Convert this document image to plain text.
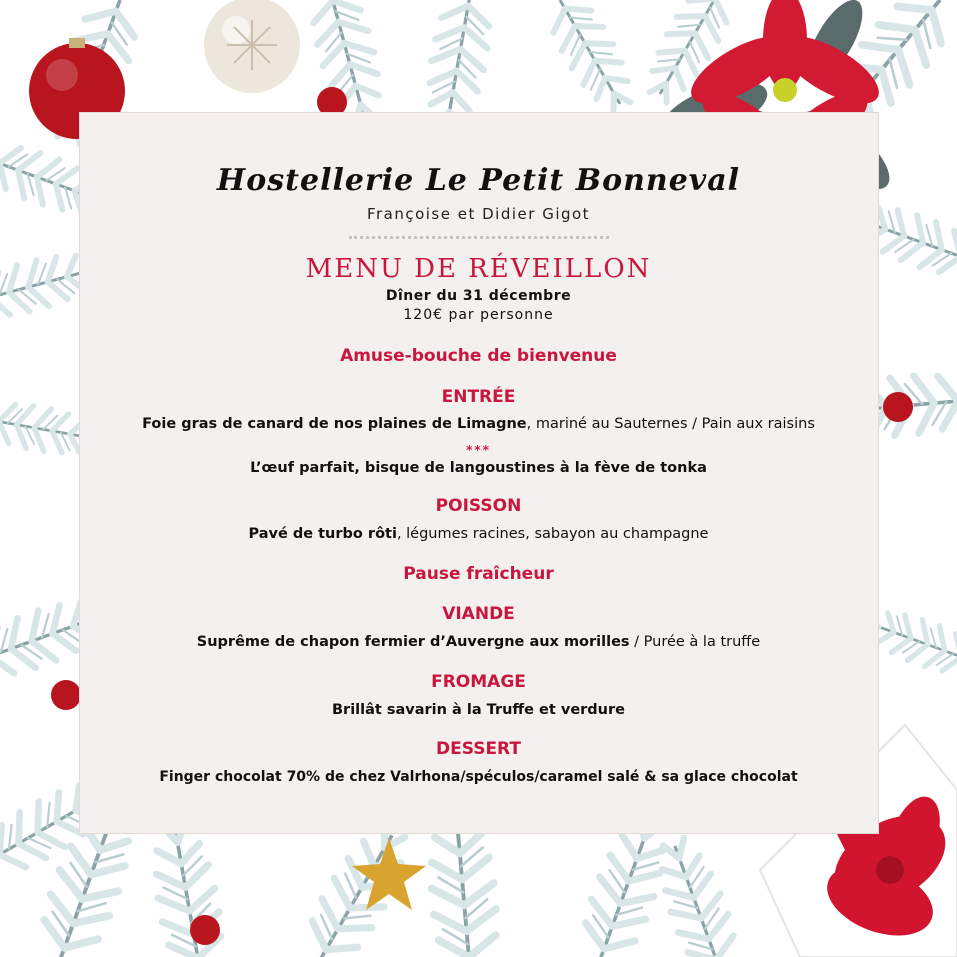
Hostellerie Le Petit Bonneval
Françoise et Didier Gigot
MENU DE RÉVEILLON
Dîner du 31 décembre
120€ par personne
Amuse-bouche de bienvenue
ENTRÉE
Foie gras de canard de nos plaines de Limagne, mariné au Sauternes / Pain aux raisins
***
L’œuf parfait, bisque de langoustines à la fève de tonka
POISSON
Pavé de turbo rôti, légumes racines, sabayon au champagne
Pause fraîcheur
VIANDE
Suprême de chapon fermier d’Auvergne aux morilles / Purée à la truffe
FROMAGE
Brillât savarin à la Truffe et verdure
DESSERT
Finger chocolat 70% de chez Valrhona/spéculos/caramel salé & sa glace chocolat
